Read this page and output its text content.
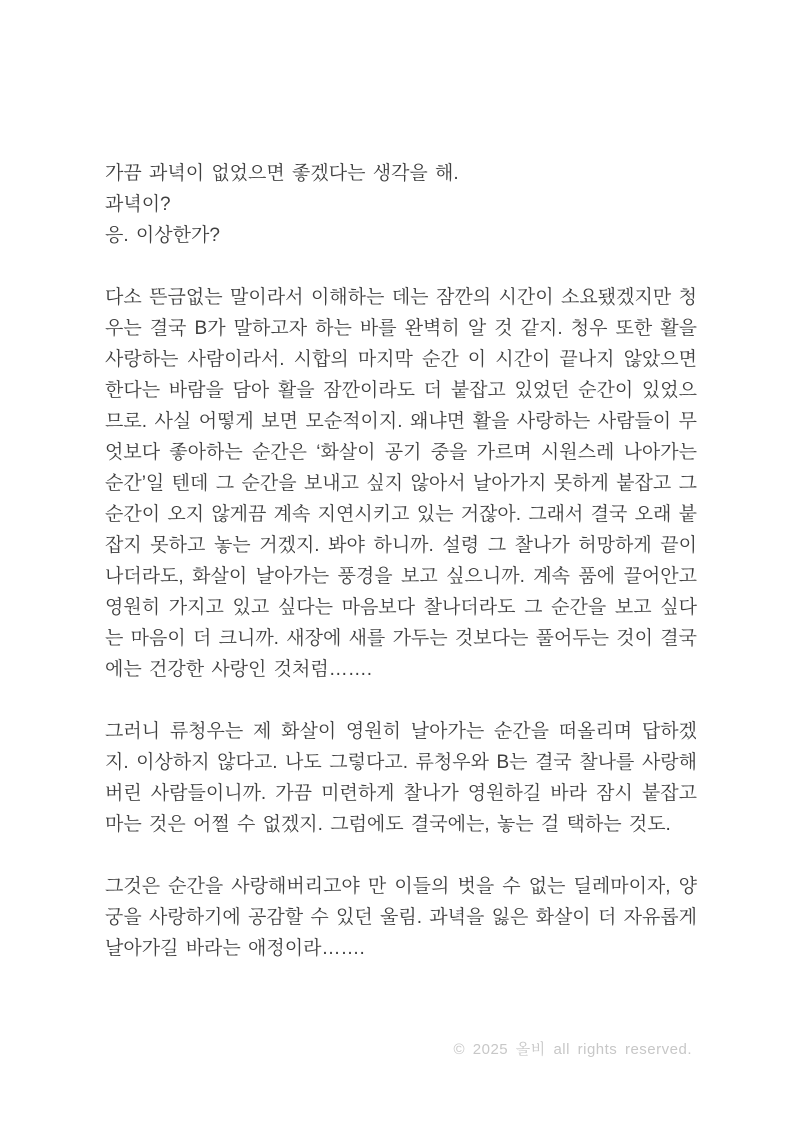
가끔 과녁이 없었으면 좋겠다는 생각을 해.

과녁이?

응. 이상한가?

다소 뜬금없는 말이라서 이해하는 데는 잠깐의 시간이 소요됐겠지만 청우는 결국 B가 말하고자 하는 바를 완벽히 알 것 같지. 청우 또한 활을 사랑하는 사람이라서. 시합의 마지막 순간 이 시간이 끝나지 않았으면 한다는 바람을 담아 활을 잠깐이라도 더 붙잡고 있었던 순간이 있었으므로. 사실 어떻게 보면 모순적이지. 왜냐면 활을 사랑하는 사람들이 무엇보다 좋아하는 순간은 ‘화살이 공기 중을 가르며 시원스레 나아가는 순간’일 텐데 그 순간을 보내고 싶지 않아서 날아가지 못하게 붙잡고 그 순간이 오지 않게끔 계속 지연시키고 있는 거잖아. 그래서 결국 오래 붙잡지 못하고 놓는 거겠지. 봐야 하니까. 설령 그 찰나가 허망하게 끝이 나더라도, 화살이 날아가는 풍경을 보고 싶으니까. 계속 품에 끌어안고 영원히 가지고 있고 싶다는 마음보다 찰나더라도 그 순간을 보고 싶다는 마음이 더 크니까. 새장에 새를 가두는 것보다는 풀어두는 것이 결국에는 건강한 사랑인 것처럼…….

그러니 류청우는 제 화살이 영원히 날아가는 순간을 떠올리며 답하겠지. 이상하지 않다고. 나도 그렇다고. 류청우와 B는 결국 찰나를 사랑해버린 사람들이니까. 가끔 미련하게 찰나가 영원하길 바라 잠시 붙잡고 마는 것은 어쩔 수 없겠지. 그럼에도 결국에는, 놓는 걸 택하는 것도.

그것은 순간을 사랑해버리고야 만 이들의 벗을 수 없는 딜레마이자, 양궁을 사랑하기에 공감할 수 있던 울림. 과녁을 잃은 화살이 더 자유롭게 날아가길 바라는 애정이라…….

© 2025 올비 all rights reserved.
